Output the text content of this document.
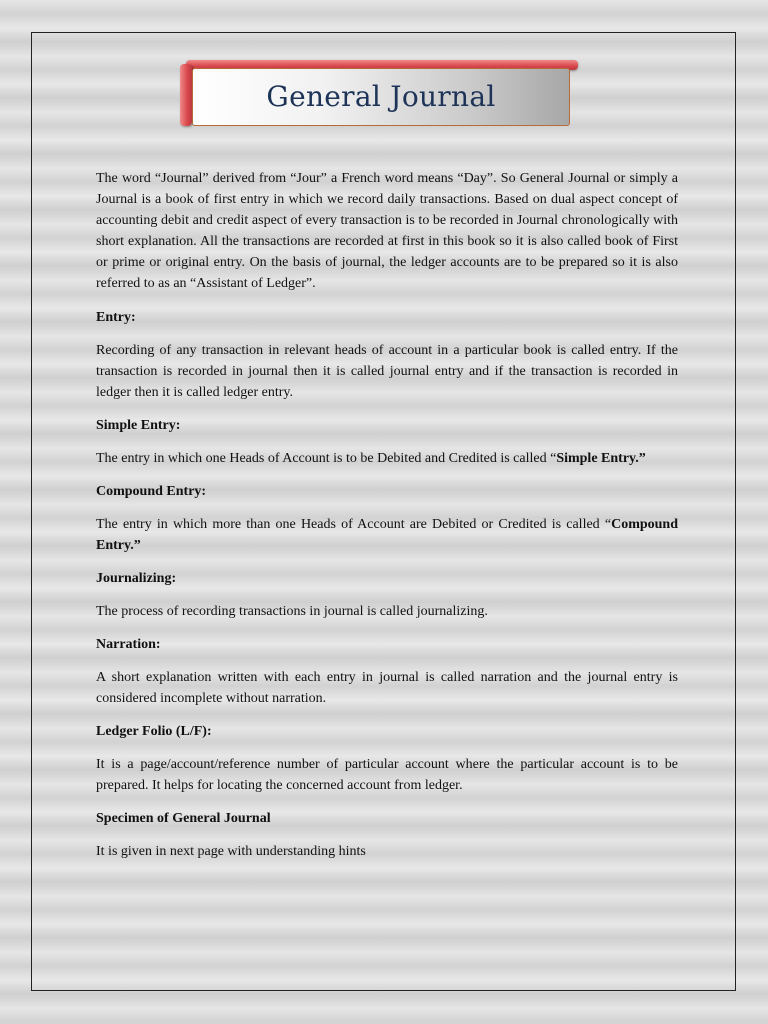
General Journal

The word “Journal” derived from “Jour” a French word means “Day”. So General Journal or simply a Journal is a book of first entry in which we record daily transactions. Based on dual aspect concept of accounting debit and credit aspect of every transaction is to be recorded in Journal chronologically with short explanation. All the transactions are recorded at first in this book so it is also called book of First or prime or original entry. On the basis of journal, the ledger accounts are to be prepared so it is also referred to as an “Assistant of Ledger”.

Entry:

Recording of any transaction in relevant heads of account in a particular book is called entry. If the transaction is recorded in journal then it is called journal entry and if the transaction is recorded in ledger then it is called ledger entry.

Simple Entry:

The entry in which one Heads of Account is to be Debited and Credited is called “Simple Entry.”

Compound Entry:

The entry in which more than one Heads of Account are Debited or Credited is called “Compound Entry.”

Journalizing:

The process of recording transactions in journal is called journalizing.

Narration:

A short explanation written with each entry in journal is called narration and the journal entry is considered incomplete without narration.

Ledger Folio (L/F):

It is a page/account/reference number of particular account where the particular account is to be prepared. It helps for locating the concerned account from ledger.

Specimen of General Journal

It is given in next page with understanding hints
